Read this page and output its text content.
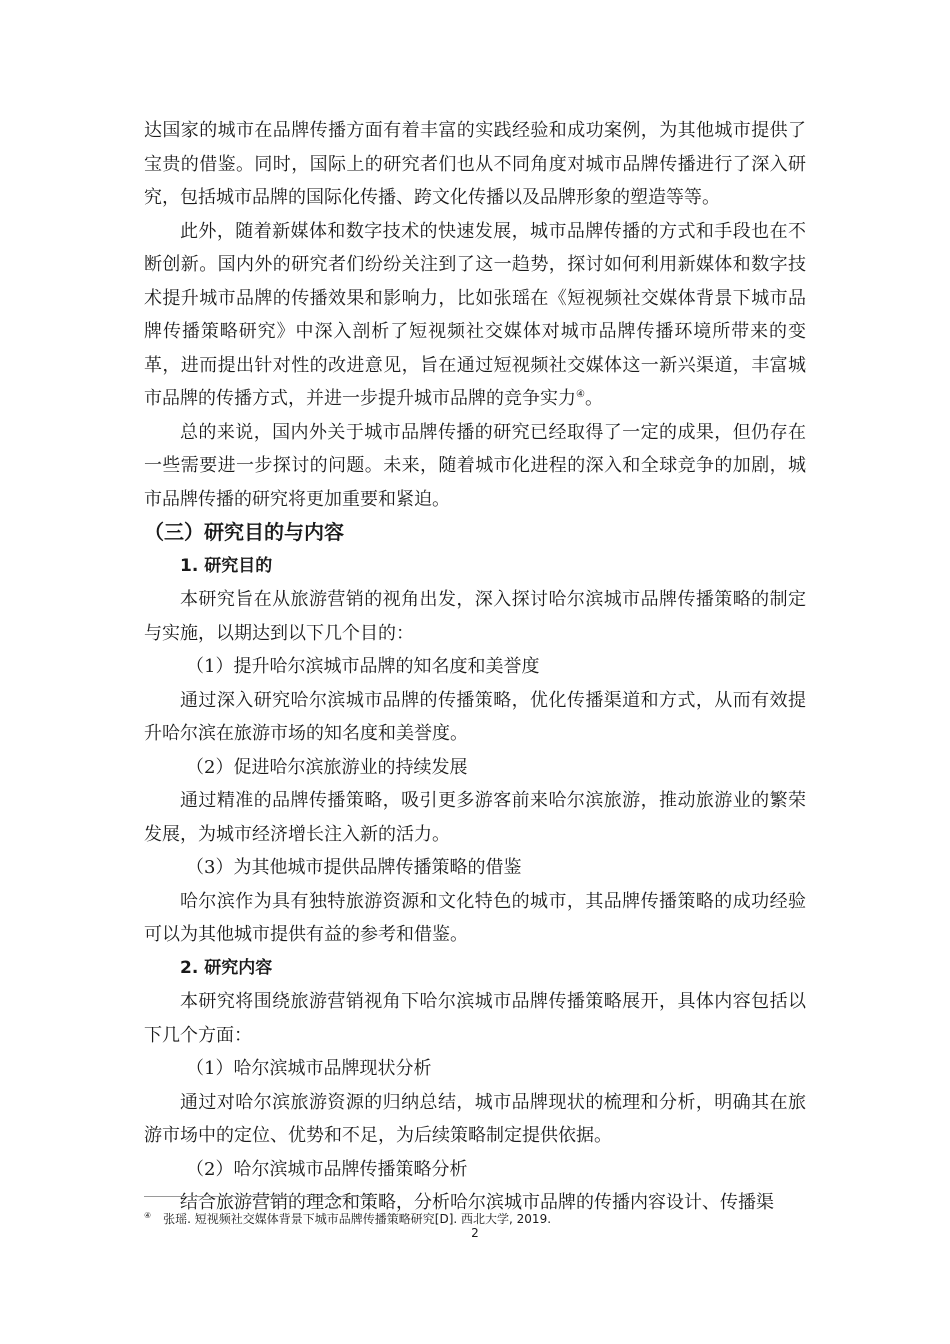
达国家的城市在品牌传播方面有着丰富的实践经验和成功案例，为其他城市提供了宝贵的借鉴。同时，国际上的研究者们也从不同角度对城市品牌传播进行了深入研究，包括城市品牌的国际化传播、跨文化传播以及品牌形象的塑造等等。

此外，随着新媒体和数字技术的快速发展，城市品牌传播的方式和手段也在不断创新。国内外的研究者们纷纷关注到了这一趋势，探讨如何利用新媒体和数字技术提升城市品牌的传播效果和影响力，比如张瑶在《短视频社交媒体背景下城市品牌传播策略研究》中深入剖析了短视频社交媒体对城市品牌传播环境所带来的变革，进而提出针对性的改进意见，旨在通过短视频社交媒体这一新兴渠道，丰富城市品牌的传播方式，并进一步提升城市品牌的竞争实力④。

总的来说，国内外关于城市品牌传播的研究已经取得了一定的成果，但仍存在一些需要进一步探讨的问题。未来，随着城市化进程的深入和全球竞争的加剧，城市品牌传播的研究将更加重要和紧迫。

（三）研究目的与内容
1. 研究目的

本研究旨在从旅游营销的视角出发，深入探讨哈尔滨城市品牌传播策略的制定与实施，以期达到以下几个目的：

（1）提升哈尔滨城市品牌的知名度和美誉度

通过深入研究哈尔滨城市品牌的传播策略，优化传播渠道和方式，从而有效提升哈尔滨在旅游市场的知名度和美誉度。

（2）促进哈尔滨旅游业的持续发展

通过精准的品牌传播策略，吸引更多游客前来哈尔滨旅游，推动旅游业的繁荣发展，为城市经济增长注入新的活力。

（3）为其他城市提供品牌传播策略的借鉴

哈尔滨作为具有独特旅游资源和文化特色的城市，其品牌传播策略的成功经验可以为其他城市提供有益的参考和借鉴。

2. 研究内容

本研究将围绕旅游营销视角下哈尔滨城市品牌传播策略展开，具体内容包括以下几个方面：

（1）哈尔滨城市品牌现状分析

通过对哈尔滨旅游资源的归纳总结，城市品牌现状的梳理和分析，明确其在旅游市场中的定位、优势和不足，为后续策略制定提供依据。

（2）哈尔滨城市品牌传播策略分析

结合旅游营销的理念和策略，分析哈尔滨城市品牌的传播内容设计、传播渠

④ 张瑶. 短视频社交媒体背景下城市品牌传播策略研究[D]. 西北大学, 2019.
2
